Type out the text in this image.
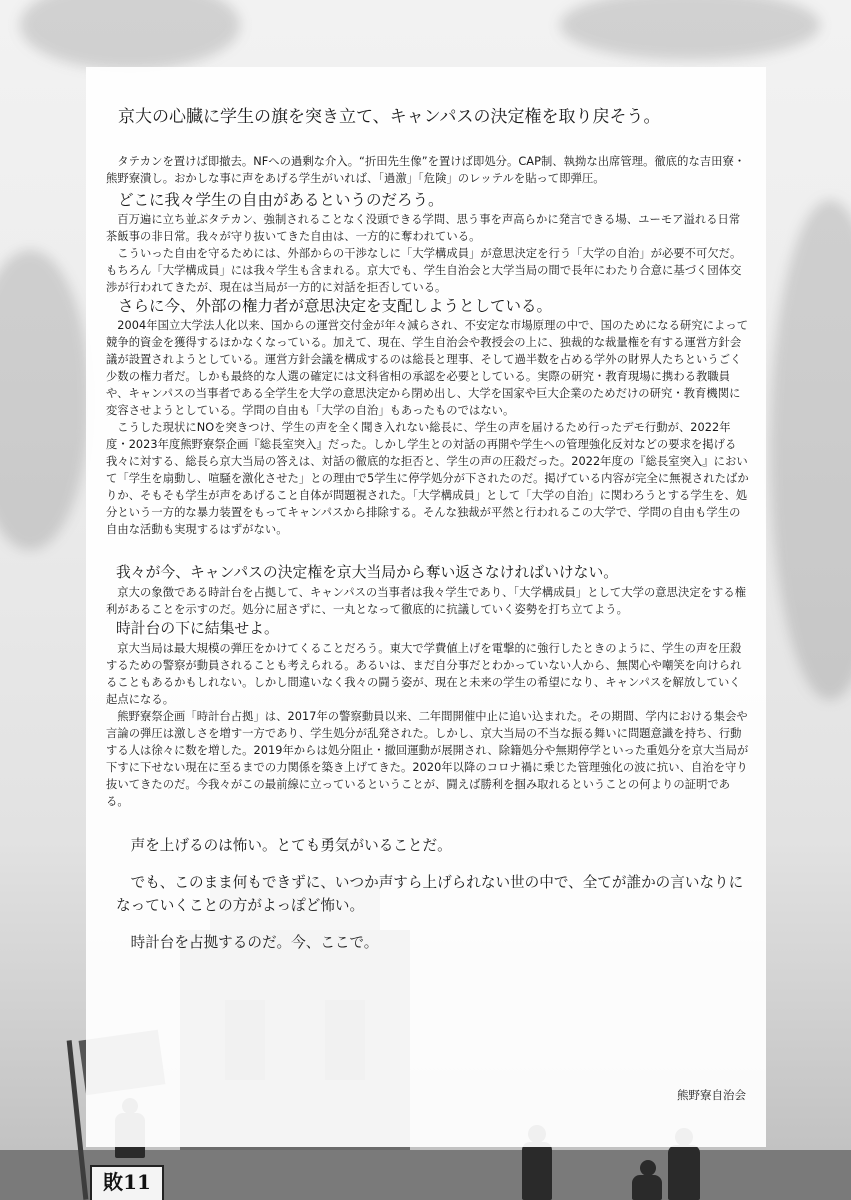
敗11

京大の心臓に学生の旗を突き立て、キャンパスの決定権を取り戻そう。

タテカンを置けば即撤去。NFへの過剰な介入。“折田先生像”を置けば即処分。CAP制、執拗な出席管理。徹底的な吉田寮・熊野寮潰し。おかしな事に声をあげる学生がいれば、「過激」「危険」のレッテルを貼って即弾圧。

どこに我々学生の自由があるというのだろう。

百万遍に立ち並ぶタテカン、強制されることなく没頭できる学問、思う事を声高らかに発言できる場、ユーモア溢れる日常茶飯事の非日常。我々が守り抜いてきた自由は、一方的に奪われている。

こういった自由を守るためには、外部からの干渉なしに「大学構成員」が意思決定を行う「大学の自治」が必要不可欠だ。もちろん「大学構成員」には我々学生も含まれる。京大でも、学生自治会と大学当局の間で長年にわたり合意に基づく団体交渉が行われてきたが、現在は当局が一方的に対話を拒否している。

さらに今、外部の権力者が意思決定を支配しようとしている。

2004年国立大学法人化以来、国からの運営交付金が年々減らされ、不安定な市場原理の中で、国のためになる研究によって競争的資金を獲得するほかなくなっている。加えて、現在、学生自治会や教授会の上に、独裁的な裁量権を有する運営方針会議が設置されようとしている。運営方針会議を構成するのは総長と理事、そして過半数を占める学外の財界人たちというごく少数の権力者だ。しかも最終的な人選の確定には文科省相の承認を必要としている。実際の研究・教育現場に携わる教職員や、キャンパスの当事者である全学生を大学の意思決定から閉め出し、大学を国家や巨大企業のためだけの研究・教育機関に変容させようとしている。学問の自由も「大学の自治」もあったものではない。

こうした現状にNOを突きつけ、学生の声を全く聞き入れない総長に、学生の声を届けるため行ったデモ行動が、2022年度・2023年度熊野寮祭企画『総長室突入』だった。しかし学生との対話の再開や学生への管理強化反対などの要求を掲げる我々に対する、総長ら京大当局の答えは、対話の徹底的な拒否と、学生の声の圧殺だった。2022年度の『総長室突入』において「学生を扇動し、喧騒を激化させた」との理由で5学生に停学処分が下されたのだ。掲げている内容が完全に無視されたばかりか、そもそも学生が声をあげること自体が問題視された。「大学構成員」として「大学の自治」に関わろうとする学生を、処分という一方的な暴力装置をもってキャンパスから排除する。そんな独裁が平然と行われるこの大学で、学問の自由も学生の自由な活動も実現するはずがない。

我々が今、キャンパスの決定権を京大当局から奪い返さなければいけない。

京大の象徴である時計台を占拠して、キャンパスの当事者は我々学生であり、「大学構成員」として大学の意思決定をする権利があることを示すのだ。処分に屈さずに、一丸となって徹底的に抗議していく姿勢を打ち立てよう。

時計台の下に結集せよ。

京大当局は最大規模の弾圧をかけてくることだろう。東大で学費値上げを電撃的に強行したときのように、学生の声を圧殺するための警察が動員されることも考えられる。あるいは、まだ自分事だとわかっていない人から、無関心や嘲笑を向けられることもあるかもしれない。しかし間違いなく我々の闘う姿が、現在と未来の学生の希望になり、キャンパスを解放していく起点になる。

熊野寮祭企画「時計台占拠」は、2017年の警察動員以来、二年間開催中止に追い込まれた。その期間、学内における集会や言論の弾圧は激しさを増す一方であり、学生処分が乱発された。しかし、京大当局の不当な振る舞いに問題意識を持ち、行動する人は徐々に数を増した。2019年からは処分阻止・撤回運動が展開され、除籍処分や無期停学といった重処分を京大当局が下すに下せない現在に至るまでの力関係を築き上げてきた。2020年以降のコロナ禍に乗じた管理強化の波に抗い、自治を守り抜いてきたのだ。今我々がこの最前線に立っているということが、闘えば勝利を掴み取れるということの何よりの証明である。

声を上げるのは怖い。とても勇気がいることだ。

でも、このまま何もできずに、いつか声すら上げられない世の中で、全てが誰かの言いなりになっていくことの方がよっぽど怖い。

時計台を占拠するのだ。今、ここで。

熊野寮自治会
